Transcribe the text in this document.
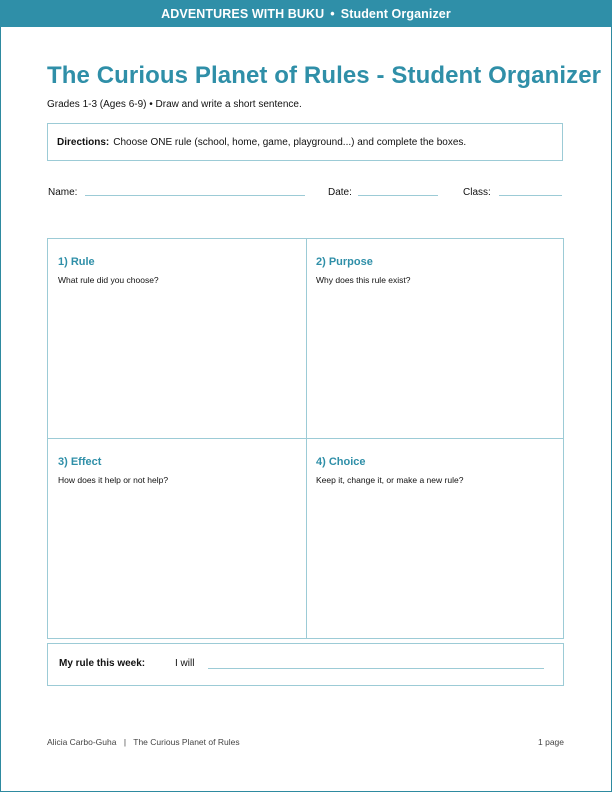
ADVENTURES WITH BUKU • Student Organizer
The Curious Planet of Rules - Student Organizer
Grades 1-3 (Ages 6-9) • Draw and write a short sentence.
Directions: Choose ONE rule (school, home, game, playground...) and complete the boxes.
Name:	Date:	Class:
1) Rule
What rule did you choose?
2) Purpose
Why does this rule exist?
3) Effect
How does it help or not help?
4) Choice
Keep it, change it, or make a new rule?
My rule this week:	I will
Alicia Carbo-Guha | The Curious Planet of Rules	1 page
